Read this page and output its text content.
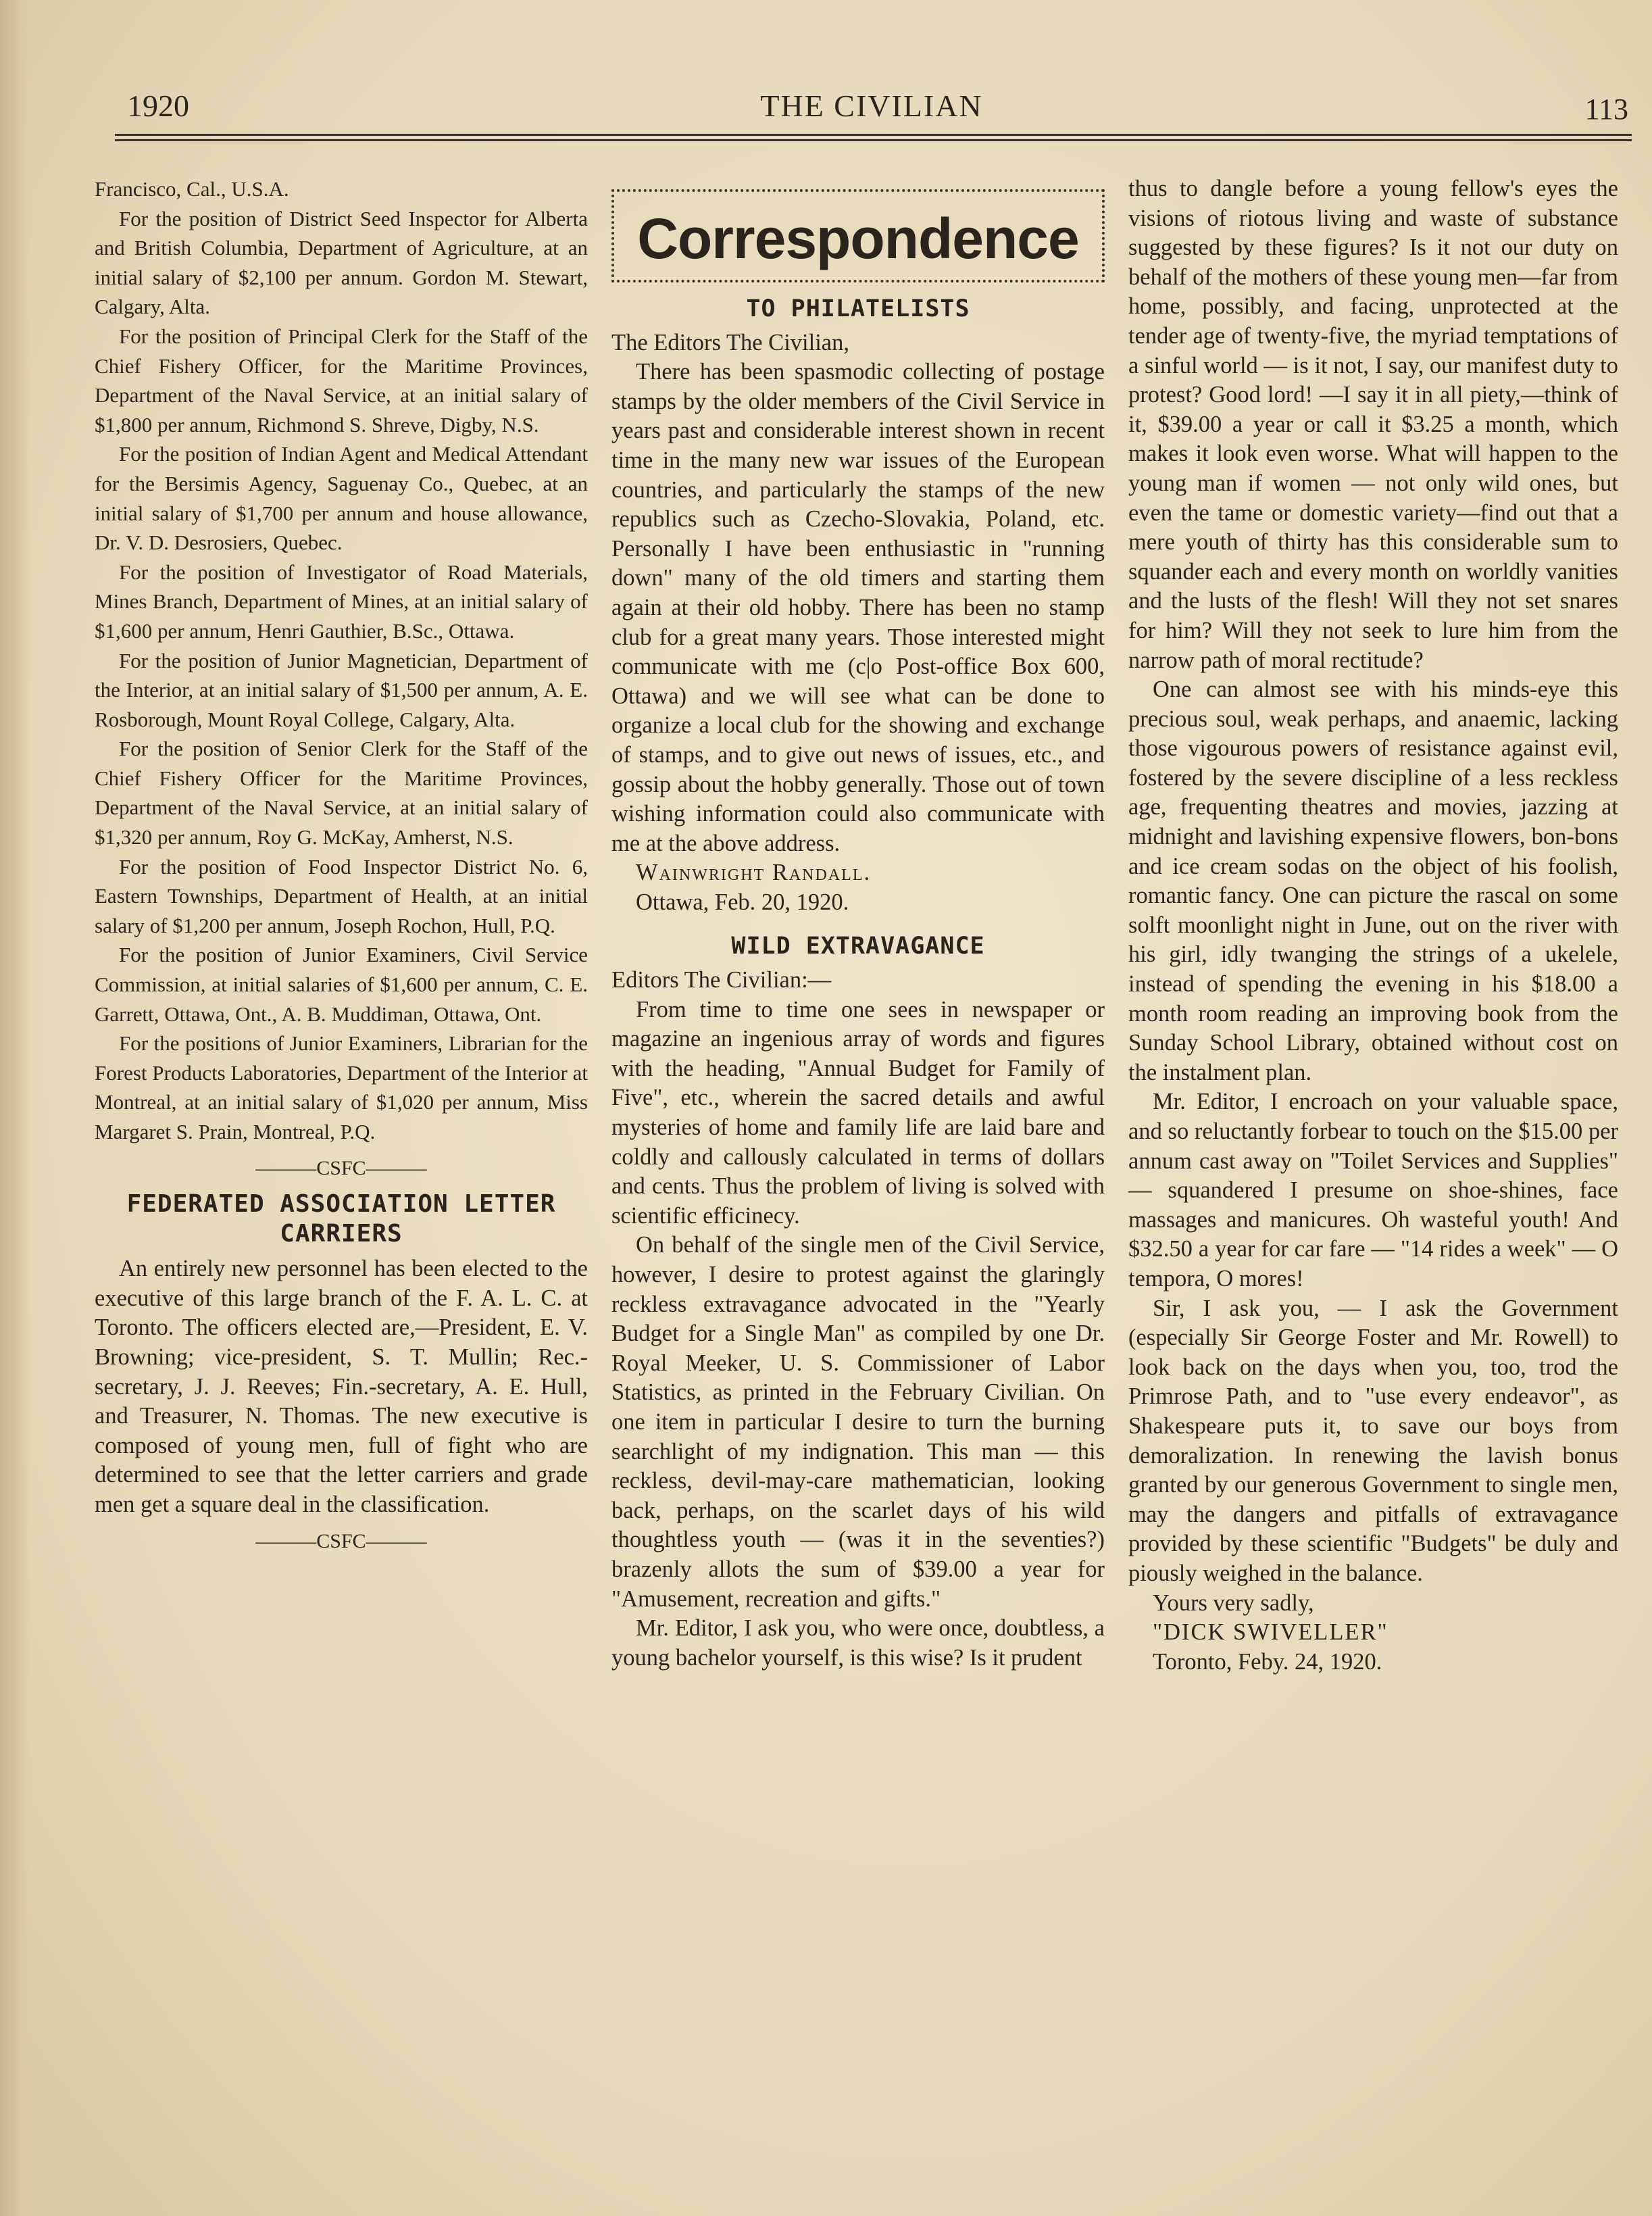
1920	THE CIVILIAN	113

Francisco, Cal., U.S.A.

For the position of District Seed Inspector for Alberta and British Columbia, Department of Agriculture, at an initial salary of $2,100 per annum. Gordon M. Stewart, Calgary, Alta.

For the position of Principal Clerk for the Staff of the Chief Fishery Officer, for the Maritime Provinces, Department of the Naval Service, at an initial salary of $1,800 per annum, Richmond S. Shreve, Digby, N.S.

For the position of Indian Agent and Medical Attendant for the Bersimis Agency, Saguenay Co., Quebec, at an initial salary of $1,700 per annum and house allowance, Dr. V. D. Desrosiers, Quebec.

For the position of Investigator of Road Materials, Mines Branch, Department of Mines, at an initial salary of $1,600 per annum, Henri Gauthier, B.Sc., Ottawa.

For the position of Junior Magnetician, Department of the Interior, at an initial salary of $1,500 per annum, A. E. Rosborough, Mount Royal College, Calgary, Alta.

For the position of Senior Clerk for the Staff of the Chief Fishery Officer for the Maritime Provinces, Department of the Naval Service, at an initial salary of $1,320 per annum, Roy G. McKay, Amherst, N.S.

For the position of Food Inspector District No. 6, Eastern Townships, Department of Health, at an initial salary of $1,200 per annum, Joseph Rochon, Hull, P.Q.

For the position of Junior Examiners, Civil Service Commission, at initial salaries of $1,600 per annum, C. E. Garrett, Ottawa, Ont., A. B. Muddiman, Ottawa, Ont.

For the positions of Junior Examiners, Librarian for the Forest Products Laboratories, Department of the Interior at Montreal, at an initial salary of $1,020 per annum, Miss Margaret S. Prain, Montreal, P.Q.

———CSFC———
FEDERATED ASSOCIATION LETTER CARRIERS

An entirely new personnel has been elected to the executive of this large branch of the F. A. L. C. at Toronto. The officers elected are,—President, E. V. Browning; vice-president, S. T. Mullin; Rec.-secretary, J. J. Reeves; Fin.-secretary, A. E. Hull, and Treasurer, N. Thomas. The new executive is composed of young men, full of fight who are determined to see that the letter carriers and grade men get a square deal in the classification.

———CSFC———
Correspondence
TO PHILATELISTS

The Editors The Civilian,

There has been spasmodic collecting of postage stamps by the older members of the Civil Service in years past and considerable interest shown in recent time in the many new war issues of the European countries, and particularly the stamps of the new republics such as Czecho-Slovakia, Poland, etc. Personally I have been enthusiastic in "running down" many of the old timers and starting them again at their old hobby. There has been no stamp club for a great many years. Those interested might communicate with me (c|o Post-office Box 600, Ottawa) and we will see what can be done to organize a local club for the showing and exchange of stamps, and to give out news of issues, etc., and gossip about the hobby generally. Those out of town wishing information could also communicate with me at the above address.

Wainwright Randall.

Ottawa, Feb. 20, 1920.

WILD EXTRAVAGANCE

Editors The Civilian:—

From time to time one sees in newspaper or magazine an ingenious array of words and figures with the heading, "Annual Budget for Family of Five", etc., wherein the sacred details and awful mysteries of home and family life are laid bare and coldly and callously calculated in terms of dollars and cents. Thus the problem of living is solved with scientific efficinecy.

On behalf of the single men of the Civil Service, however, I desire to protest against the glaringly reckless extravagance advocated in the "Yearly Budget for a Single Man" as compiled by one Dr. Royal Meeker, U. S. Commissioner of Labor Statistics, as printed in the February Civilian. On one item in particular I desire to turn the burning searchlight of my indignation. This man — this reckless, devil-may-care mathematician, looking back, perhaps, on the scarlet days of his wild thoughtless youth — (was it in the seventies?) brazenly allots the sum of $39.00 a year for "Amusement, recreation and gifts."

Mr. Editor, I ask you, who were once, doubtless, a young bachelor yourself, is this wise? Is it prudent

thus to dangle before a young fellow's eyes the visions of riotous living and waste of substance suggested by these figures? Is it not our duty on behalf of the mothers of these young men—far from home, possibly, and facing, unprotected at the tender age of twenty-five, the myriad temptations of a sinful world — is it not, I say, our manifest duty to protest? Good lord! —I say it in all piety,—think of it, $39.00 a year or call it $3.25 a month, which makes it look even worse. What will happen to the young man if women — not only wild ones, but even the tame or domestic variety—find out that a mere youth of thirty has this considerable sum to squander each and every month on worldly vanities and the lusts of the flesh! Will they not set snares for him? Will they not seek to lure him from the narrow path of moral rectitude?

One can almost see with his minds-eye this precious soul, weak perhaps, and anaemic, lacking those vigourous powers of resistance against evil, fostered by the severe discipline of a less reckless age, frequenting theatres and movies, jazzing at midnight and lavishing expensive flowers, bon-bons and ice cream sodas on the object of his foolish, romantic fancy. One can picture the rascal on some solft moonlight night in June, out on the river with his girl, idly twanging the strings of a ukelele, instead of spending the evening in his $18.00 a month room reading an improving book from the Sunday School Library, obtained without cost on the instalment plan.

Mr. Editor, I encroach on your valuable space, and so reluctantly forbear to touch on the $15.00 per annum cast away on "Toilet Services and Supplies" — squandered I presume on shoe-shines, face massages and manicures. Oh wasteful youth! And $32.50 a year for car fare — "14 rides a week" — O tempora, O mores!

Sir, I ask you, — I ask the Government (especially Sir George Foster and Mr. Rowell) to look back on the days when you, too, trod the Primrose Path, and to "use every endeavor", as Shakespeare puts it, to save our boys from demoralization. In renewing the lavish bonus granted by our generous Government to single men, may the dangers and pitfalls of extravagance provided by these scientific "Budgets" be duly and piously weighed in the balance.

Yours very sadly,

"DICK SWIVELLER"

Toronto, Feby. 24, 1920.
